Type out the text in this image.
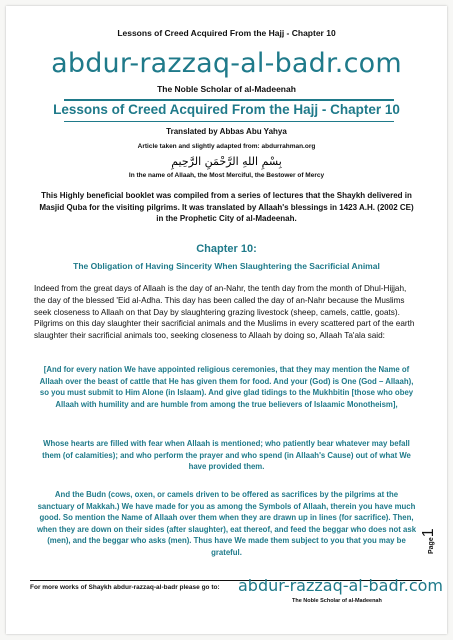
Lessons of Creed Acquired From the Hajj - Chapter 10
abdur-razzaq-al-badr.com
The Noble Scholar of al-Madeenah
Lessons of Creed Acquired From the Hajj - Chapter 10
Translated by Abbas Abu Yahya
Article taken and slightly adapted from: abdurrahman.org
بِسْمِ اللهِ الرَّحْمَنِ الرَّحِيمِ
In the name of Allaah, the Most Merciful, the Bestower of Mercy
This Highly beneficial booklet was compiled from a series of lectures that the Shaykh delivered in Masjid Quba for the visiting pilgrims. It was translated by Allaah's blessings in 1423 A.H. (2002 CE) in the Prophetic City of al-Madeenah.
Chapter 10:
The Obligation of Having Sincerity When Slaughtering the Sacrificial Animal
Indeed from the great days of Allaah is the day of an-Nahr, the tenth day from the month of Dhul-Hijjah, the day of the blessed 'Eid al-Adha. This day has been called the day of an-Nahr because the Muslims seek closeness to Allaah on that Day by slaughtering grazing livestock (sheep, camels, cattle, goats). Pilgrims on this day slaughter their sacrificial animals and the Muslims in every scattered part of the earth slaughter their sacrificial animals too, seeking closeness to Allaah by doing so, Allaah Ta'ala said:
[And for every nation We have appointed religious ceremonies, that they may mention the Name of Allaah over the beast of cattle that He has given them for food. And your (God) is One (God – Allaah), so you must submit to Him Alone (in Islaam). And give glad tidings to the Mukhbitin [those who obey Allaah with humility and are humble from among the true believers of Islaamic Monotheism],
Whose hearts are filled with fear when Allaah is mentioned; who patiently bear whatever may befall them (of calamities); and who perform the prayer and who spend (in Allaah's Cause) out of what We have provided them.
And the Budn (cows, oxen, or camels driven to be offered as sacrifices by the pilgrims at the sanctuary of Makkah.) We have made for you as among the Symbols of Allaah, therein you have much good. So mention the Name of Allaah over them when they are drawn up in lines (for sacrifice). Then, when they are down on their sides (after slaughter), eat thereof, and feed the beggar who does not ask (men), and the beggar who asks (men). Thus have We made them subject to you that you may be grateful.	Page1
For more works of Shaykh abdur-razzaq-al-badr please go to: abdur-razzaq-al-badr.com
The Noble Scholar of al-Madeenah
